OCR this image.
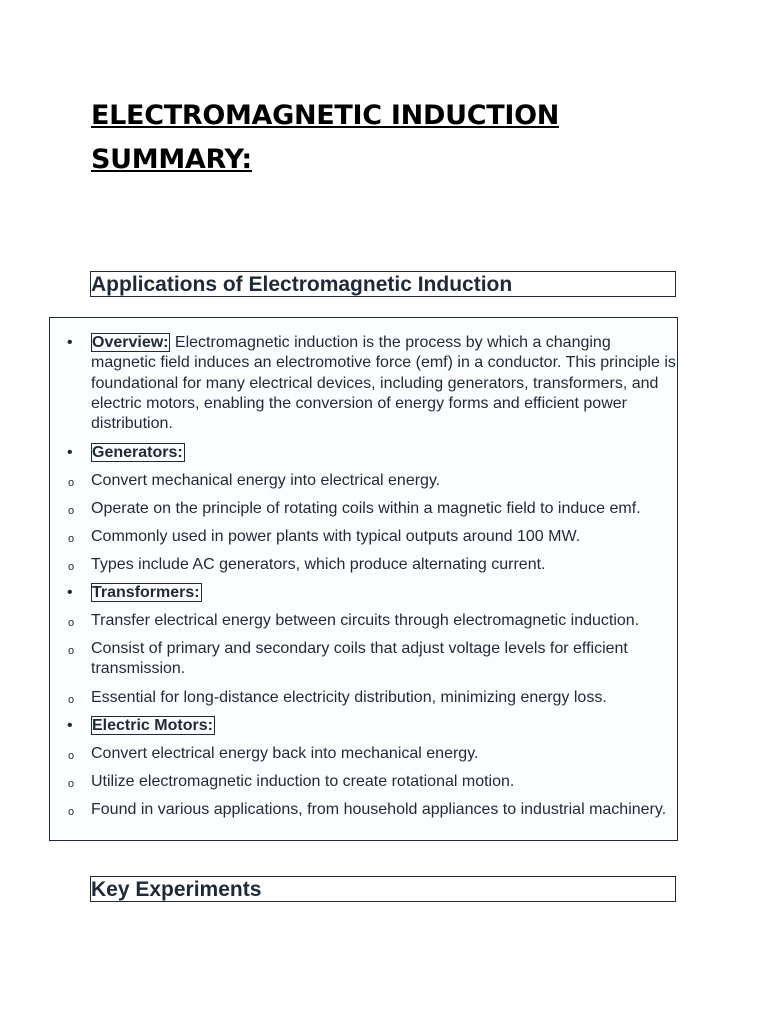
ELECTROMAGNETIC INDUCTION
SUMMARY:
Applications of Electromagnetic Induction
•	Overview: Electromagnetic induction is the process by which a changing magnetic field induces an electromotive force (emf) in a conductor. This principle is foundational for many electrical devices, including generators, transformers, and electric motors, enabling the conversion of energy forms and efficient power distribution.
•	Generators:
o	Convert mechanical energy into electrical energy.
o	Operate on the principle of rotating coils within a magnetic field to induce emf.
o	Commonly used in power plants with typical outputs around 100 MW.
o	Types include AC generators, which produce alternating current.
•	Transformers:
o	Transfer electrical energy between circuits through electromagnetic induction.
o	Consist of primary and secondary coils that adjust voltage levels for efficient transmission.
o	Essential for long-distance electricity distribution, minimizing energy loss.
•	Electric Motors:
o	Convert electrical energy back into mechanical energy.
o	Utilize electromagnetic induction to create rotational motion.
o	Found in various applications, from household appliances to industrial machinery.
Key Experiments
